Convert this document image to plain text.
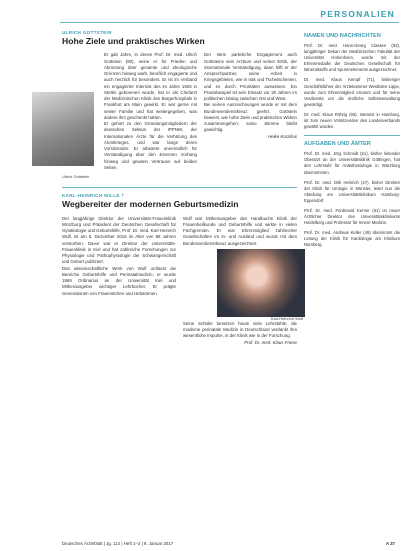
PERSONALIEN
ULRICH GOTTSTEIN
Hohe Ziele und praktisches Wirken

Er gab Jahre, in denen Prof. Dr. med. Ulrich Gottstein (90), seine er für Frieden und Abrüstung über gesamte und ideologische Grenzen hinweg warb, beruflich engagierte und auch herzlich für besonders. Er ist im Verband ein engagierter Internist des im Jahre 1926 in Stettin geborenen wurde, hat er als Chefarzt der Medizinischen Klinik des Bürgerhospitals in Frankfurt am Main gewirkt. Er war gerne mit seiner Familie und hat weitergegeben, was andere ihm geschenkt hatten.

Er gehört zu den Gründungsmitgliedern der deutschen Sektion der IPPNW, der Internationalen Ärzte für die Verhütung des Atomkrieges, und war lange deren Vorsitzender. Er arbeitete unermüdlich für Verständigung über den Eisernen Vorhang hinweg und gewann Vertrauen auf beiden Seiten.

Ulrich Gottstein

Der stets parteiliche Engagement auch Gottsteins sein Arzttum und seiner Ethik, der internationale Verständigung, dann hilft er der Ansprechpartner, seine Arbeit in Kriegsgebieten, wie in Irak und Tschetschenien, und es durch Prioritäten ausweisen. Ein Praxisbeispiel ist sein Einsatz vor 30 Jahren im politischen Dialog zwischen Ost und West.

Bei seinen Auszeichnungen wurde er mit dem Bundesverdienstkreuz geehrt. Gottstein beweist, wie hohe Ziele und praktisches Wirken zusammengehen; seine Stimme bleibt gewichtig.

Heike Korzilius
KARL-HEINRICH WILLE †
Wegbereiter der modernen Geburtsmedizin

Der langjährige Direktor der Universitäts-Frauenklinik Würzburg und Präsident der Deutschen Gesellschaft für Gynäkologie und Geburtshilfe, Prof. Dr. med. Karl-Heinrich Wulf, ist am 5. Dezember 2016 im Alter von 88 Jahren verstorben. Davor war er Direktor der Universitäts-Frauenklinik in Kiel und hat zahlreiche Forschungen zur Physiologie und Pathophysiologie der Schwangerschaft und Geburt publiziert.

Das wissenschaftliche Werk von Wulf umfasst die Bereiche Geburtshilfe und Perinatalmedizin; er wurde 1969 Ordinarius an der Universität Kiel und Mitherausgeber wichtiger Lehrbücher. Er prägte Generationen von Frauenärzten und Hebammen.

Wulf war Mitherausgeber des Handbuchs Klinik der Frauenheilkunde und Geburtshilfe und wirkte in vielen Fachgremien. Er war Ehrenmitglied zahlreicher Gesellschaften im In- und Ausland und wurde mit dem Bundesverdienstkreuz ausgezeichnet.

Karl-Heinrich Wulf

Seine Schüler besetzen heute viele Lehrstühle; die moderne perinatale Medizin in Deutschland verdankt ihm wesentliche Impulse, in der Klinik wie in der Forschung.

Prof. Dr. med. Klaus Friese
NAMEN UND NACHRICHTEN
Prof. Dr. med. Hans-Georg Classen (83), langjähriger Dekan der Medizinischen Fakultät der Universität Hohenheim, wurde mit der Ehrenmedaille der Deutschen Gesellschaft für Mineralstoffe und Spurenelemente ausgezeichnet.
Dr. med. Klaus Kempf (71), bisheriger Geschäftsführer der Ärztekammer Westfalen-Lippe, wurde zum Ehrenmitglied ernannt und für seine Verdienste um die ärztliche Selbstverwaltung gewürdigt.
Dr. med. Klaus Röhrig (65), Internist in Hamburg, ist zum neuen Vorsitzenden des Landesverbands gewählt worden.
AUFGABEN UND ÄMTER
Prof. Dr. med. Jörg Schmidt (51), bisher leitender Oberarzt an der Universitätsklinik Göttingen, hat den Lehrstuhl für Anästhesiologie in Würzburg übernommen.
Prof. Dr. med. Dirk Heinrich (47), bisher Direktor der Klinik für Urologie in Münster, leitet nun die Abteilung am Universitätsklinikum Hamburg-Eppendorf.
Prof. Dr. med. Ferdinand Kerner (61) ist neuer Ärztlicher Direktor des Universitätsklinikums Heidelberg und Professor für Innere Medizin.
Prof. Dr. med. Andreas Keller (49) übernimmt die Leitung der Klinik für Kardiologie am Klinikum Nürnberg.
Deutsches Ärzteblatt | Jg. 114 | Heft 1–2 | 9. Januar 2017	A 37
